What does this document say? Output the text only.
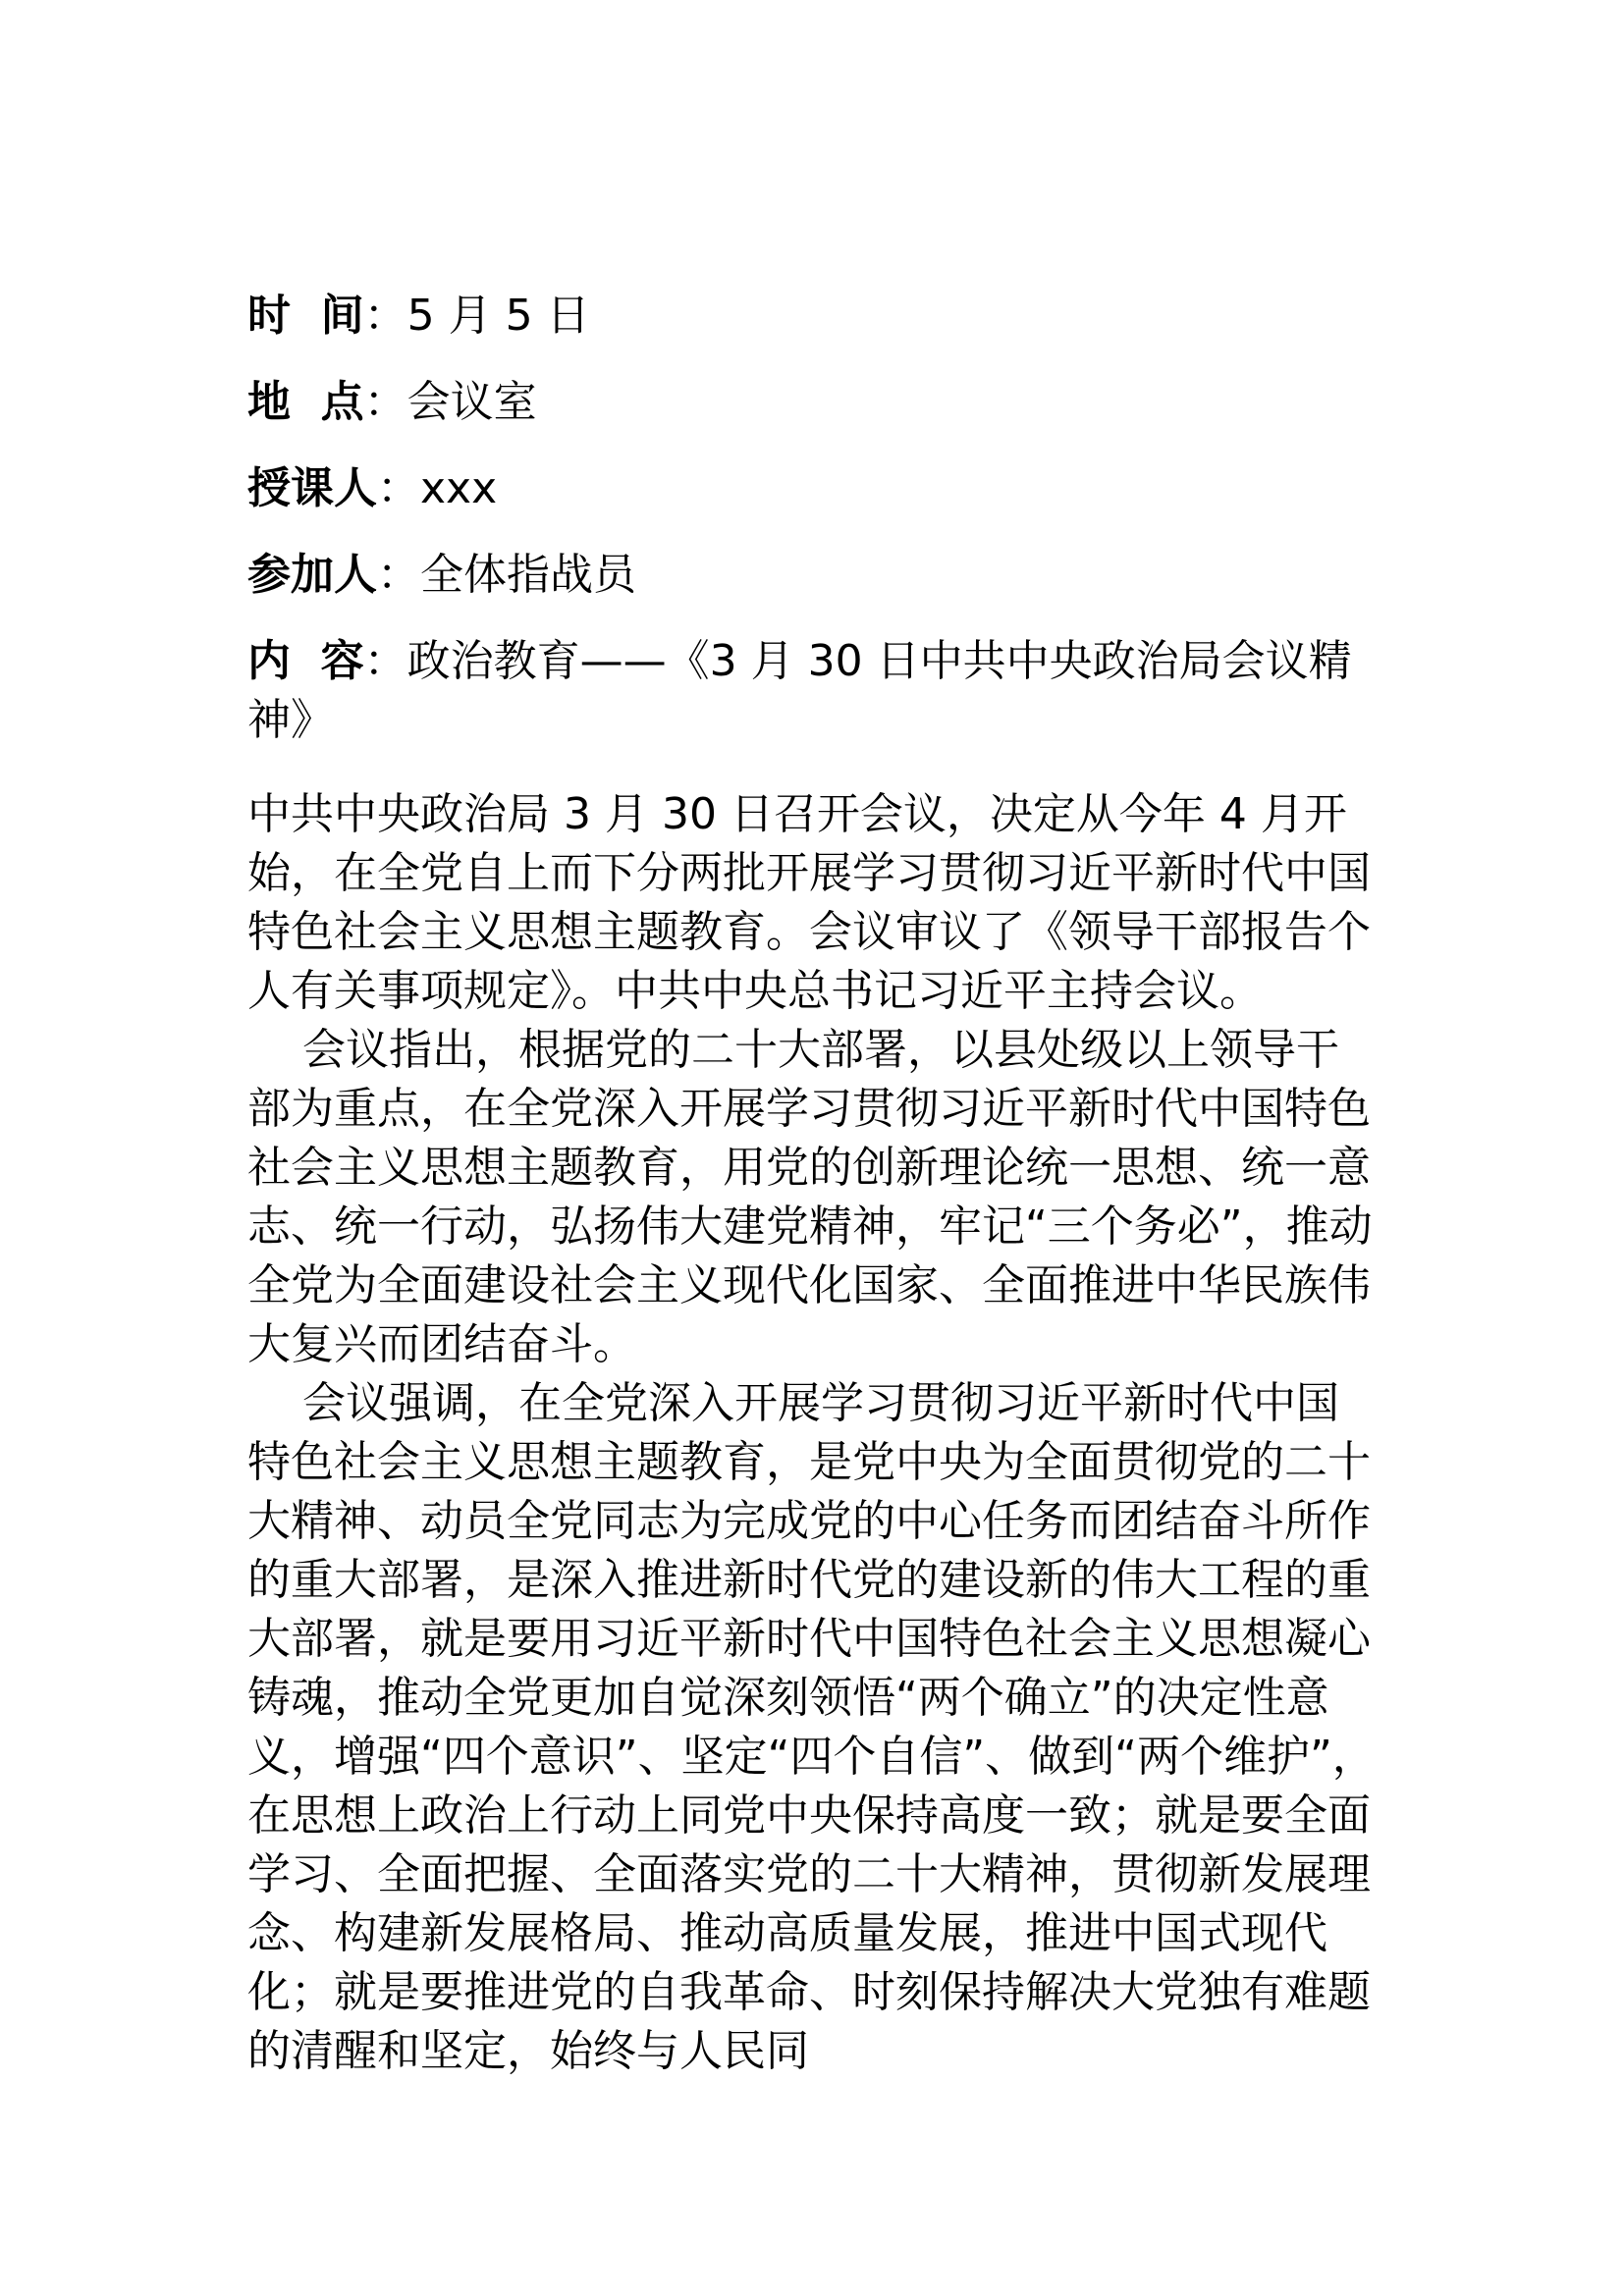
时  间：5 月 5 日

地  点：会议室

授课人：xxx

参加人：全体指战员

内  容：政治教育——《3 月 30 日中共中央政治局会议精神》

中共中央政治局 3 月 30 日召开会议，决定从今年 4 月开始，在全党自上而下分两批开展学习贯彻习近平新时代中国特色社会主义思想主题教育。会议审议了《领导干部报告个人有关事项规定》。中共中央总书记习近平主持会议。

会议指出，根据党的二十大部署，以县处级以上领导干部为重点，在全党深入开展学习贯彻习近平新时代中国特色社会主义思想主题教育，用党的创新理论统一思想、统一意志、统一行动，弘扬伟大建党精神，牢记“三个务必”，推动全党为全面建设社会主义现代化国家、全面推进中华民族伟大复兴而团结奋斗。

会议强调，在全党深入开展学习贯彻习近平新时代中国特色社会主义思想主题教育，是党中央为全面贯彻党的二十大精神、动员全党同志为完成党的中心任务而团结奋斗所作的重大部署，是深入推进新时代党的建设新的伟大工程的重大部署，就是要用习近平新时代中国特色社会主义思想凝心铸魂，推动全党更加自觉深刻领悟“两个确立”的决定性意义，增强“四个意识”、坚定“四个自信”、做到“两个维护”，在思想上政治上行动上同党中央保持高度一致；就是要全面学习、全面把握、全面落实党的二十大精神，贯彻新发展理念、构建新发展格局、推动高质量发展，推进中国式现代化；就是要推进党的自我革命、时刻保持解决大党独有难题的清醒和坚定，始终与人民同
